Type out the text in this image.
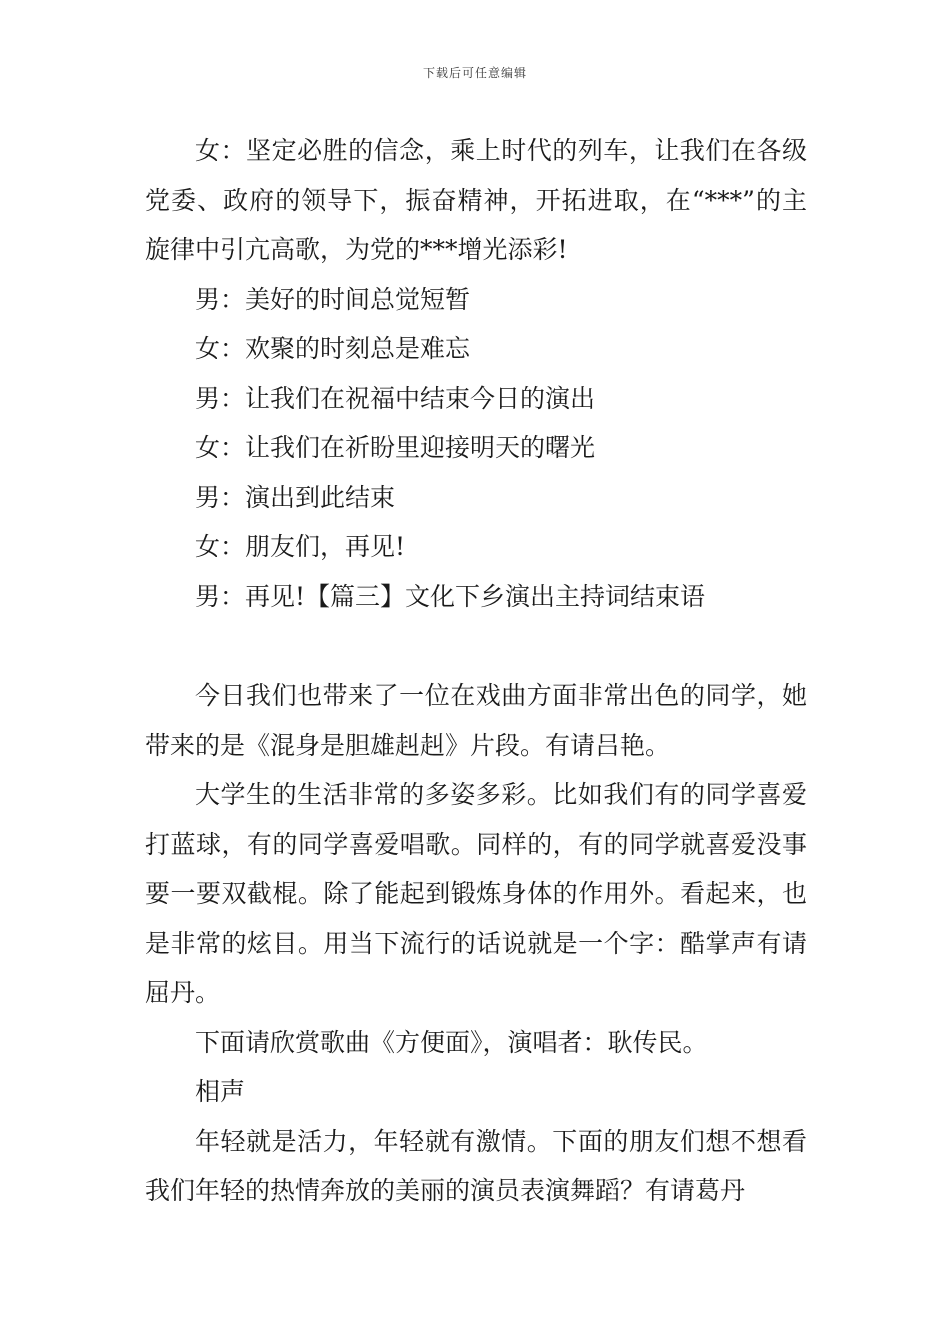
下载后可任意编辑

女：坚定必胜的信念，乘上时代的列车，让我们在各级党委、政府的领导下，振奋精神，开拓进取，在“***”的主旋律中引亢高歌，为党的***增光添彩!

男：美好的时间总觉短暂

女：欢聚的时刻总是难忘

男：让我们在祝福中结束今日的演出

女：让我们在祈盼里迎接明天的曙光

男：演出到此结束

女：朋友们，再见!

男：再见!【篇三】文化下乡演出主持词结束语

今日我们也带来了一位在戏曲方面非常出色的同学，她带来的是《混身是胆雄赳赳》片段。有请吕艳。

大学生的生活非常的多姿多彩。比如我们有的同学喜爱打蓝球，有的同学喜爱唱歌。同样的，有的同学就喜爱没事要一要双截棍。除了能起到锻炼身体的作用外。看起来，也是非常的炫目。用当下流行的话说就是一个字：酷掌声有请屈丹。

下面请欣赏歌曲《方便面》，演唱者：耿传民。

相声

年轻就是活力，年轻就有激情。下面的朋友们想不想看我们年轻的热情奔放的美丽的演员表演舞蹈？有请葛丹
